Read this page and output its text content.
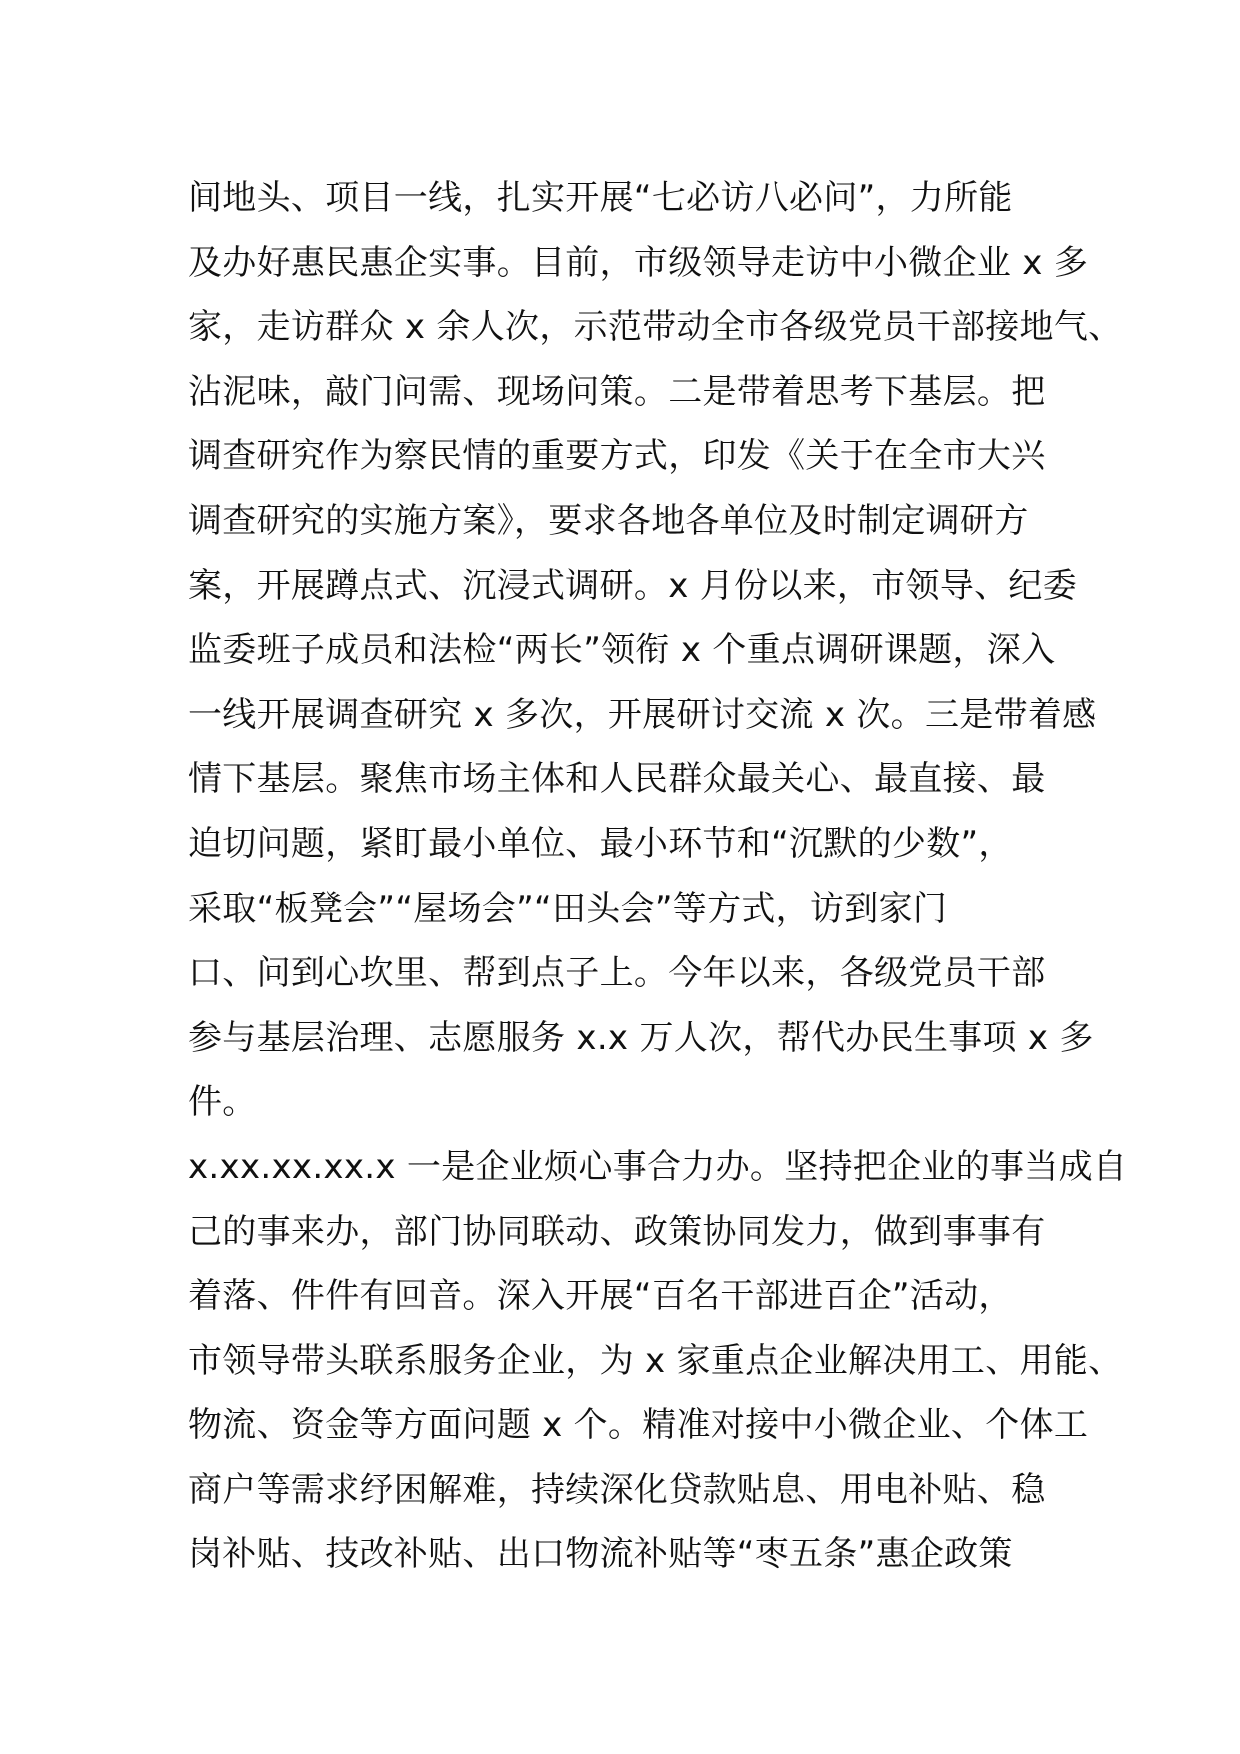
间地头、项目一线，扎实开展“七必访八必问”，力所能
及办好惠民惠企实事。目前，市级领导走访中小微企业 x 多
家，走访群众 x 余人次，示范带动全市各级党员干部接地气、
沾泥味，敲门问需、现场问策。二是带着思考下基层。把
调查研究作为察民情的重要方式，印发《关于在全市大兴
调查研究的实施方案》，要求各地各单位及时制定调研方
案，开展蹲点式、沉浸式调研。x 月份以来，市领导、纪委
监委班子成员和法检“两长”领衔 x 个重点调研课题，深入
一线开展调查研究 x 多次，开展研讨交流 x 次。三是带着感
情下基层。聚焦市场主体和人民群众最关心、最直接、最
迫切问题，紧盯最小单位、最小环节和“沉默的少数”，
采取“板凳会”“屋场会”“田头会”等方式，访到家门
口、问到心坎里、帮到点子上。今年以来，各级党员干部
参与基层治理、志愿服务 x.x 万人次，帮代办民生事项 x 多
件。
x.xx.xx.xx.x 一是企业烦心事合力办。坚持把企业的事当成自
己的事来办，部门协同联动、政策协同发力，做到事事有
着落、件件有回音。深入开展“百名干部进百企”活动，
市领导带头联系服务企业，为 x 家重点企业解决用工、用能、
物流、资金等方面问题 x 个。精准对接中小微企业、个体工
商户等需求纾困解难，持续深化贷款贴息、用电补贴、稳
岗补贴、技改补贴、出口物流补贴等“枣五条”惠企政策
